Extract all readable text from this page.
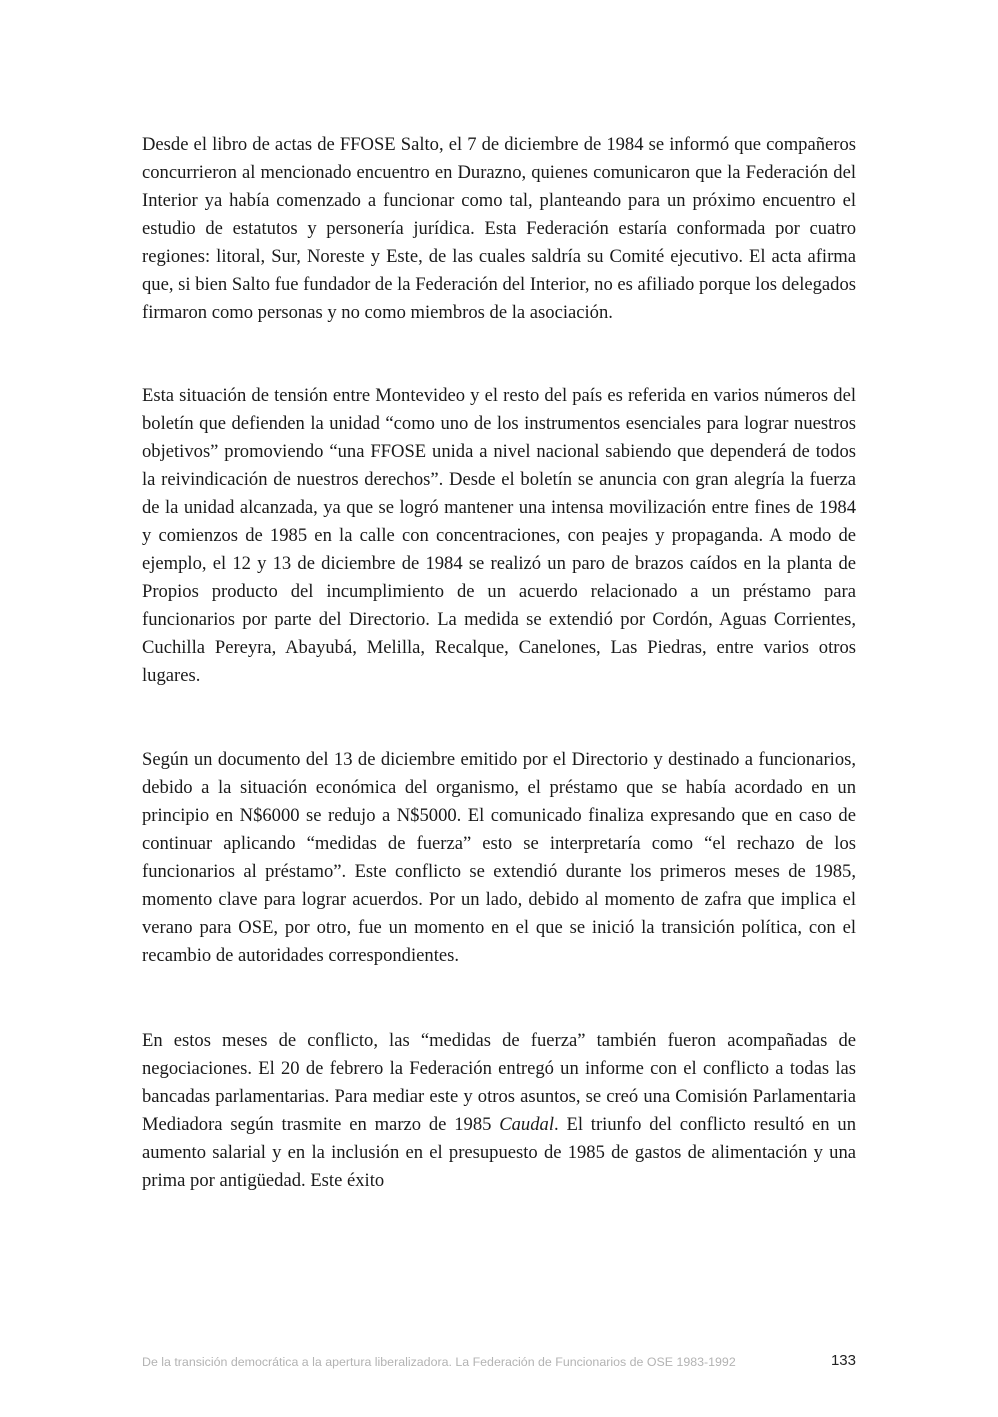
Desde el libro de actas de FFOSE Salto, el 7 de diciembre de 1984 se informó que compañeros concurrieron al mencionado encuentro en Durazno, quienes comunicaron que la Federación del Interior ya había comenzado a funcionar como tal, planteando para un próximo encuentro el estudio de estatutos y personería jurídica. Esta Federación estaría conformada por cuatro regiones: litoral, Sur, Noreste y Este, de las cuales saldría su Comité ejecutivo. El acta afirma que, si bien Salto fue fundador de la Federación del Interior, no es afiliado porque los delegados firmaron como personas y no como miembros de la asociación.

Esta situación de tensión entre Montevideo y el resto del país es referida en varios números del boletín que defienden la unidad “como uno de los instrumentos esenciales para lograr nuestros objetivos” promoviendo “una FFOSE unida a nivel nacional sabiendo que dependerá de todos la reivindicación de nuestros derechos”. Desde el boletín se anuncia con gran alegría la fuerza de la unidad alcanzada, ya que se logró mantener una intensa movilización entre fines de 1984 y comienzos de 1985 en la calle con concentraciones, con peajes y propaganda. A modo de ejemplo, el 12 y 13 de diciembre de 1984 se realizó un paro de brazos caídos en la planta de Propios producto del incumplimiento de un acuerdo relacionado a un préstamo para funcionarios por parte del Directorio. La medida se extendió por Cordón, Aguas Corrientes, Cuchilla Pereyra, Abayubá, Melilla, Recalque, Canelones, Las Piedras, entre varios otros lugares.

Según un documento del 13 de diciembre emitido por el Directorio y destinado a funcionarios, debido a la situación económica del organismo, el préstamo que se había acordado en un principio en N$6000 se redujo a N$5000. El comunicado finaliza expresando que en caso de continuar aplicando “medidas de fuerza” esto se interpretaría como “el rechazo de los funcionarios al préstamo”. Este conflicto se extendió durante los primeros meses de 1985, momento clave para lograr acuerdos. Por un lado, debido al momento de zafra que implica el verano para OSE, por otro, fue un momento en el que se inició la transición política, con el recambio de autoridades correspondientes.

En estos meses de conflicto, las “medidas de fuerza” también fueron acompañadas de negociaciones. El 20 de febrero la Federación entregó un informe con el conflicto a todas las bancadas parlamentarias. Para mediar este y otros asuntos, se creó una Comisión Parlamentaria Mediadora según trasmite en marzo de 1985 Caudal. El triunfo del conflicto resultó en un aumento salarial y en la inclusión en el presupuesto de 1985 de gastos de alimentación y una prima por antigüedad. Este éxito

De la transición democrática a la apertura liberalizadora. La Federación de Funcionarios de OSE 1983-1992	133
